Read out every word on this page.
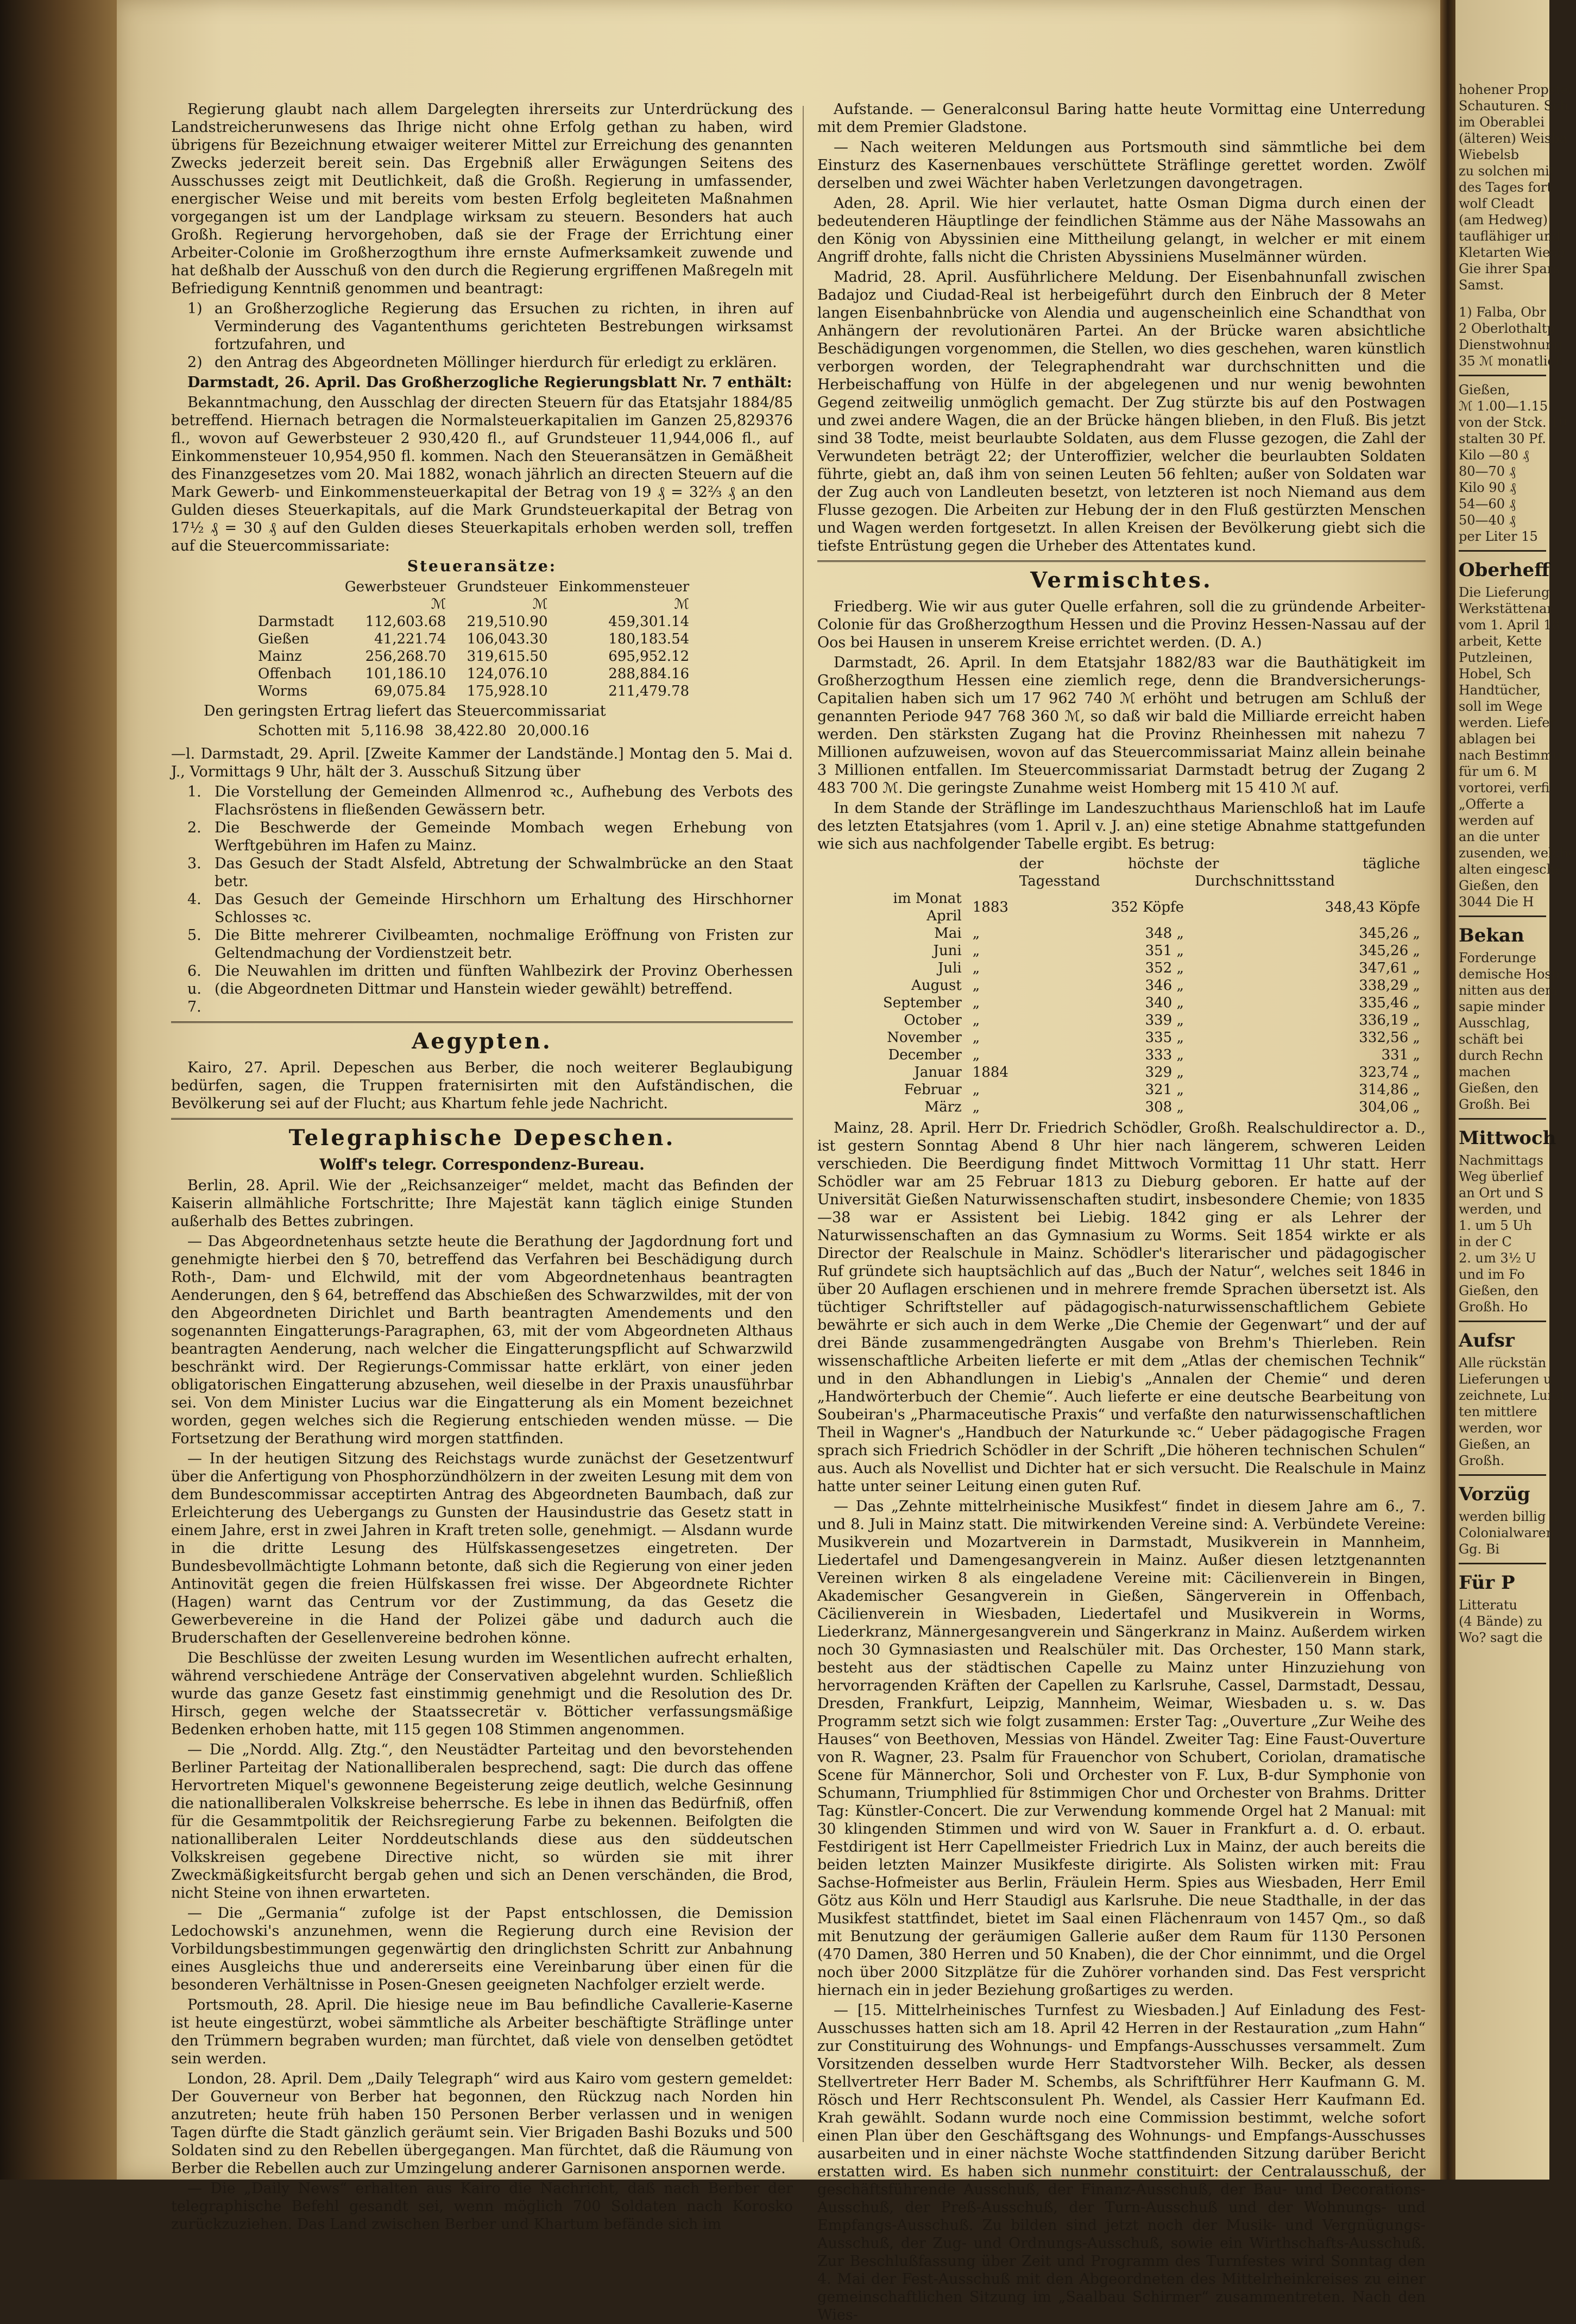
Regierung glaubt nach allem Dargelegten ihrerseits zur Unterdrückung des Landstreicherunwesens das Ihrige nicht ohne Erfolg gethan zu haben, wird übrigens für Bezeichnung etwaiger weiterer Mittel zur Erreichung des genannten Zwecks jederzeit bereit sein. Das Ergebniß aller Erwägungen Seitens des Ausschusses zeigt mit Deutlichkeit, daß die Großh. Regierung in umfassender, energischer Weise und mit bereits vom besten Erfolg begleiteten Maßnahmen vorgegangen ist um der Landplage wirksam zu steuern. Besonders hat auch Großh. Regierung hervorgehoben, daß sie der Frage der Errichtung einer Arbeiter-Colonie im Großherzogthum ihre ernste Aufmerksamkeit zuwende und hat deßhalb der Ausschuß von den durch die Regierung ergriffenen Maßregeln mit Befriedigung Kenntniß genommen und beantragt:

1) an Großherzogliche Regierung das Ersuchen zu richten, in ihren auf Verminderung des Vagantenthums gerichteten Bestrebungen wirksamst fortzufahren, und
2) den Antrag des Abgeordneten Möllinger hierdurch für erledigt zu erklären.

Darmstadt, 26. April. Das Großherzogliche Regierungsblatt Nr. 7 enthält:

Bekanntmachung, den Ausschlag der directen Steuern für das Etatsjahr 1884/85 betreffend. Hiernach betragen die Normalsteuerkapitalien im Ganzen 25,829376 fl., wovon auf Gewerbsteuer 2 930,420 fl., auf Grundsteuer 11,944,006 fl., auf Einkommensteuer 10,954,950 fl. kommen. Nach den Steueransätzen in Gemäßheit des Finanzgesetzes vom 20. Mai 1882, wonach jährlich an directen Steuern auf die Mark Gewerb- und Einkommensteuerkapital der Betrag von 19 ₰ = 32⅔ ₰ an den Gulden dieses Steuerkapitals, auf die Mark Grundsteuerkapital der Betrag von 17½ ₰ = 30 ₰ auf den Gulden dieses Steuerkapitals erhoben werden soll, treffen auf die Steuercommissariate:

Steueransätze:
	Gewerbsteuer	Grundsteuer	Einkommensteuer
	ℳ	ℳ	ℳ
Darmstadt	112,603.68	219,510.90	459,301.14
Gießen	41,221.74	106,043.30	180,183.54
Mainz	256,268.70	319,615.50	695,952.12
Offenbach	101,186.10	124,076.10	288,884.16
Worms	69,075.84	175,928.10	211,479.78

Den geringsten Ertrag liefert das Steuercommissariat

Schotten mit	5,116.98	38,422.80	20,000.16

—l. Darmstadt, 29. April. [Zweite Kammer der Landstände.] Montag den 5. Mai d. J., Vormittags 9 Uhr, hält der 3. Ausschuß Sitzung über

1. Die Vorstellung der Gemeinden Allmenrod ꝛc., Aufhebung des Verbots des Flachsröstens in fließenden Gewässern betr.
2. Die Beschwerde der Gemeinde Mombach wegen Erhebung von Werftgebühren im Hafen zu Mainz.
3. Das Gesuch der Stadt Alsfeld, Abtretung der Schwalmbrücke an den Staat betr.
4. Das Gesuch der Gemeinde Hirschhorn um Erhaltung des Hirschhorner Schlosses ꝛc.
5. Die Bitte mehrerer Civilbeamten, nochmalige Eröffnung von Fristen zur Geltendmachung der Vordienstzeit betr.
6. u. 7.
Die Neuwahlen im dritten und fünften Wahlbezirk der Provinz Oberhessen (die Abgeordneten Dittmar und Hanstein wieder gewählt) betreffend.
Aegypten.

Kairo, 27. April. Depeschen aus Berber, die noch weiterer Beglaubigung bedürfen, sagen, die Truppen fraternisirten mit den Aufständischen, die Bevölkerung sei auf der Flucht; aus Khartum fehle jede Nachricht.

Telegraphische Depeschen.
Wolff's telegr. Correspondenz-Bureau.

Berlin, 28. April. Wie der „Reichsanzeiger“ meldet, macht das Befinden der Kaiserin allmähliche Fortschritte; Ihre Majestät kann täglich einige Stunden außerhalb des Bettes zubringen.

— Das Abgeordnetenhaus setzte heute die Berathung der Jagdordnung fort und genehmigte hierbei den § 70, betreffend das Verfahren bei Beschädigung durch Roth-, Dam- und Elchwild, mit der vom Abgeordnetenhaus beantragten Aenderungen, den § 64, betreffend das Abschießen des Schwarzwildes, mit der von den Abgeordneten Dirichlet und Barth beantragten Amendements und den sogenannten Eingatterungs-Paragraphen, 63, mit der vom Abgeordneten Althaus beantragten Aenderung, nach welcher die Eingatterungspflicht auf Schwarzwild beschränkt wird. Der Regierungs-Commissar hatte erklärt, von einer jeden obligatorischen Eingatterung abzusehen, weil dieselbe in der Praxis unausführbar sei. Von dem Minister Lucius war die Eingatterung als ein Moment bezeichnet worden, gegen welches sich die Regierung entschieden wenden müsse. — Die Fortsetzung der Berathung wird morgen stattfinden.

— In der heutigen Sitzung des Reichstags wurde zunächst der Gesetzentwurf über die Anfertigung von Phosphorzündhölzern in der zweiten Lesung mit dem von dem Bundescommissar acceptirten Antrag des Abgeordneten Baumbach, daß zur Erleichterung des Uebergangs zu Gunsten der Hausindustrie das Gesetz statt in einem Jahre, erst in zwei Jahren in Kraft treten solle, genehmigt. — Alsdann wurde in die dritte Lesung des Hülfskassengesetzes eingetreten. Der Bundesbevollmächtigte Lohmann betonte, daß sich die Regierung von einer jeden Antinovität gegen die freien Hülfskassen frei wisse. Der Abgeordnete Richter (Hagen) warnt das Centrum vor der Zustimmung, da das Gesetz die Gewerbevereine in die Hand der Polizei gäbe und dadurch auch die Bruderschaften der Gesellenvereine bedrohen könne.

Die Beschlüsse der zweiten Lesung wurden im Wesentlichen aufrecht erhalten, während verschiedene Anträge der Conservativen abgelehnt wurden. Schließlich wurde das ganze Gesetz fast einstimmig genehmigt und die Resolution des Dr. Hirsch, gegen welche der Staatssecretär v. Bötticher verfassungsmäßige Bedenken erhoben hatte, mit 115 gegen 108 Stimmen angenommen.

— Die „Nordd. Allg. Ztg.“, den Neustädter Parteitag und den bevorstehenden Berliner Parteitag der Nationalliberalen besprechend, sagt: Die durch das offene Hervortreten Miquel's gewonnene Begeisterung zeige deutlich, welche Gesinnung die nationalliberalen Volkskreise beherrsche. Es lebe in ihnen das Bedürfniß, offen für die Gesammtpolitik der Reichsregierung Farbe zu bekennen. Beifolgten die nationalliberalen Leiter Norddeutschlands diese aus den süddeutschen Volkskreisen gegebene Directive nicht, so würden sie mit ihrer Zweckmäßigkeitsfurcht bergab gehen und sich an Denen verschänden, die Brod, nicht Steine von ihnen erwarteten.

— Die „Germania“ zufolge ist der Papst entschlossen, die Demission Ledochowski's anzunehmen, wenn die Regierung durch eine Revision der Vorbildungsbestimmungen gegenwärtig den dringlichsten Schritt zur Anbahnung eines Ausgleichs thue und andererseits eine Vereinbarung über einen für die besonderen Verhältnisse in Posen-Gnesen geeigneten Nachfolger erzielt werde.

Portsmouth, 28. April. Die hiesige neue im Bau befindliche Cavallerie-Kaserne ist heute eingestürzt, wobei sämmtliche als Arbeiter beschäftigte Sträflinge unter den Trümmern begraben wurden; man fürchtet, daß viele von denselben getödtet sein werden.

London, 28. April. Dem „Daily Telegraph“ wird aus Kairo vom gestern gemeldet: Der Gouverneur von Berber hat begonnen, den Rückzug nach Norden hin anzutreten; heute früh haben 150 Personen Berber verlassen und in wenigen Tagen dürfte die Stadt gänzlich geräumt sein. Vier Brigaden Bashi Bozuks und 500 Soldaten sind zu den Rebellen übergegangen. Man fürchtet, daß die Räumung von Berber die Rebellen auch zur Umzingelung anderer Garnisonen anspornen werde.

— Die „Daily News“ erhalten aus Kairo die Nachricht, daß nach Berber der telegraphische Befehl gesandt sei, wenn möglich 700 Soldaten nach Korosko zurückzuziehen. Das Land zwischen Berber und Khartum befände sich im

Aufstande. — Generalconsul Baring hatte heute Vormittag eine Unterredung mit dem Premier Gladstone.

— Nach weiteren Meldungen aus Portsmouth sind sämmtliche bei dem Einsturz des Kasernenbaues verschüttete Sträflinge gerettet worden. Zwölf derselben und zwei Wächter haben Verletzungen davongetragen.

Aden, 28. April. Wie hier verlautet, hatte Osman Digma durch einen der bedeutenderen Häuptlinge der feindlichen Stämme aus der Nähe Massowahs an den König von Abyssinien eine Mittheilung gelangt, in welcher er mit einem Angriff drohte, falls nicht die Christen Abyssiniens Muselmänner würden.

Madrid, 28. April. Ausführlichere Meldung. Der Eisenbahnunfall zwischen Badajoz und Ciudad-Real ist herbeigeführt durch den Einbruch der 8 Meter langen Eisenbahnbrücke von Alendia und augenscheinlich eine Schandthat von Anhängern der revolutionären Partei. An der Brücke waren absichtliche Beschädigungen vorgenommen, die Stellen, wo dies geschehen, waren künstlich verborgen worden, der Telegraphendraht war durchschnitten und die Herbeischaffung von Hülfe in der abgelegenen und nur wenig bewohnten Gegend zeitweilig unmöglich gemacht. Der Zug stürzte bis auf den Postwagen und zwei andere Wagen, die an der Brücke hängen blieben, in den Fluß. Bis jetzt sind 38 Todte, meist beurlaubte Soldaten, aus dem Flusse gezogen, die Zahl der Verwundeten beträgt 22; der Unteroffizier, welcher die beurlaubten Soldaten führte, giebt an, daß ihm von seinen Leuten 56 fehlten; außer von Soldaten war der Zug auch von Landleuten besetzt, von letzteren ist noch Niemand aus dem Flusse gezogen. Die Arbeiten zur Hebung der in den Fluß gestürzten Menschen und Wagen werden fortgesetzt. In allen Kreisen der Bevölkerung giebt sich die tiefste Entrüstung gegen die Urheber des Attentates kund.

Vermischtes.

Friedberg. Wie wir aus guter Quelle erfahren, soll die zu gründende Arbeiter-Colonie für das Großherzogthum Hessen und die Provinz Hessen-Nassau auf der Oos bei Hausen in unserem Kreise errichtet werden. (D. A.)

Darmstadt, 26. April. In dem Etatsjahr 1882/83 war die Bauthätigkeit im Großherzogthum Hessen eine ziemlich rege, denn die Brandversicherungs-Capitalien haben sich um 17 962 740 ℳ erhöht und betrugen am Schluß der genannten Periode 947 768 360 ℳ, so daß wir bald die Milliarde erreicht haben werden. Den stärksten Zugang hat die Provinz Rheinhessen mit nahezu 7 Millionen aufzuweisen, wovon auf das Steuercommissariat Mainz allein beinahe 3 Millionen entfallen. Im Steuercommissariat Darmstadt betrug der Zugang 2 483 700 ℳ. Die geringste Zunahme weist Homberg mit 15 410 ℳ auf.

In dem Stande der Sträflinge im Landeszuchthaus Marienschloß hat im Laufe des letzten Etatsjahres (vom 1. April v. J. an) eine stetige Abnahme stattgefunden wie sich aus nachfolgender Tabelle ergibt. Es betrug:

		der höchste Tagesstand	der tägliche Durchschnittsstand
im Monat April	1883	352 Köpfe	348,43 Köpfe
Mai	„	348 „	345,26 „
Juni	„	351 „	345,26 „
Juli	„	352 „	347,61 „
August	„	346 „	338,29 „
September	„	340 „	335,46 „
October	„	339 „	336,19 „
November	„	335 „	332,56 „
December	„	333 „	331 „
Januar	1884	329 „	323,74 „
Februar	„	321 „	314,86 „
März	„	308 „	304,06 „

Mainz, 28. April. Herr Dr. Friedrich Schödler, Großh. Realschuldirector a. D., ist gestern Sonntag Abend 8 Uhr hier nach längerem, schweren Leiden verschieden. Die Beerdigung findet Mittwoch Vormittag 11 Uhr statt. Herr Schödler war am 25 Februar 1813 zu Dieburg geboren. Er hatte auf der Universität Gießen Naturwissenschaften studirt, insbesondere Chemie; von 1835—38 war er Assistent bei Liebig. 1842 ging er als Lehrer der Naturwissenschaften an das Gymnasium zu Worms. Seit 1854 wirkte er als Director der Realschule in Mainz. Schödler's literarischer und pädagogischer Ruf gründete sich hauptsächlich auf das „Buch der Natur“, welches seit 1846 in über 20 Auflagen erschienen und in mehrere fremde Sprachen übersetzt ist. Als tüchtiger Schriftsteller auf pädagogisch-naturwissenschaftlichem Gebiete bewährte er sich auch in dem Werke „Die Chemie der Gegenwart“ und der auf drei Bände zusammengedrängten Ausgabe von Brehm's Thierleben. Rein wissenschaftliche Arbeiten lieferte er mit dem „Atlas der chemischen Technik“ und in den Abhandlungen in Liebig's „Annalen der Chemie“ und deren „Handwörterbuch der Chemie“. Auch lieferte er eine deutsche Bearbeitung von Soubeiran's „Pharmaceutische Praxis“ und verfaßte den naturwissenschaftlichen Theil in Wagner's „Handbuch der Naturkunde ꝛc.“ Ueber pädagogische Fragen sprach sich Friedrich Schödler in der Schrift „Die höheren technischen Schulen“ aus. Auch als Novellist und Dichter hat er sich versucht. Die Realschule in Mainz hatte unter seiner Leitung einen guten Ruf.

— Das „Zehnte mittelrheinische Musikfest“ findet in diesem Jahre am 6., 7. und 8. Juli in Mainz statt. Die mitwirkenden Vereine sind: A. Verbündete Vereine: Musikverein und Mozartverein in Darmstadt, Musikverein in Mannheim, Liedertafel und Damengesangverein in Mainz. Außer diesen letztgenannten Vereinen wirken 8 als eingeladene Vereine mit: Cäcilienverein in Bingen, Akademischer Gesangverein in Gießen, Sängerverein in Offenbach, Cäcilienverein in Wiesbaden, Liedertafel und Musikverein in Worms, Liederkranz, Männergesangverein und Sängerkranz in Mainz. Außerdem wirken noch 30 Gymnasiasten und Realschüler mit. Das Orchester, 150 Mann stark, besteht aus der städtischen Capelle zu Mainz unter Hinzuziehung von hervorragenden Kräften der Capellen zu Karlsruhe, Cassel, Darmstadt, Dessau, Dresden, Frankfurt, Leipzig, Mannheim, Weimar, Wiesbaden u. s. w. Das Programm setzt sich wie folgt zusammen: Erster Tag: „Ouverture „Zur Weihe des Hauses“ von Beethoven, Messias von Händel. Zweiter Tag: Eine Faust-Ouverture von R. Wagner, 23. Psalm für Frauenchor von Schubert, Coriolan, dramatische Scene für Männerchor, Soli und Orchester von F. Lux, B-dur Symphonie von Schumann, Triumphlied für 8stimmigen Chor und Orchester von Brahms. Dritter Tag: Künstler-Concert. Die zur Verwendung kommende Orgel hat 2 Manual: mit 30 klingenden Stimmen und wird von W. Sauer in Frankfurt a. d. O. erbaut. Festdirigent ist Herr Capellmeister Friedrich Lux in Mainz, der auch bereits die beiden letzten Mainzer Musikfeste dirigirte. Als Solisten wirken mit: Frau Sachse-Hofmeister aus Berlin, Fräulein Herm. Spies aus Wiesbaden, Herr Emil Götz aus Köln und Herr Staudigl aus Karlsruhe. Die neue Stadthalle, in der das Musikfest stattfindet, bietet im Saal einen Flächenraum von 1457 Qm., so daß mit Benutzung der geräumigen Gallerie außer dem Raum für 1130 Personen (470 Damen, 380 Herren und 50 Knaben), die der Chor einnimmt, und die Orgel noch über 2000 Sitzplätze für die Zuhörer vorhanden sind. Das Fest verspricht hiernach ein in jeder Beziehung großartiges zu werden.

— [15. Mittelrheinisches Turnfest zu Wiesbaden.] Auf Einladung des Fest-Ausschusses hatten sich am 18. April 42 Herren in der Restauration „zum Hahn“ zur Constituirung des Wohnungs- und Empfangs-Ausschusses versammelt. Zum Vorsitzenden desselben wurde Herr Stadtvorsteher Wilh. Becker, als dessen Stellvertreter Herr Bader M. Schembs, als Schriftführer Herr Kaufmann G. M. Rösch und Herr Rechtsconsulent Ph. Wendel, als Cassier Herr Kaufmann Ed. Krah gewählt. Sodann wurde noch eine Commission bestimmt, welche sofort einen Plan über den Geschäftsgang des Wohnungs- und Empfangs-Ausschusses ausarbeiten und in einer nächste Woche stattfindenden Sitzung darüber Bericht erstatten wird. Es haben sich nunmehr constituirt: der Centralausschuß, der geschäftsführende Ausschuß, der Finanz-Ausschuß, der Bau- und Decorations-Ausschuß, der Preß-Ausschuß, der Turn-Ausschuß und der Wohnungs- und Empfangs-Ausschuß. Zu bilden sind jetzt noch der Musik- und Vergnügungs-Ausschuß, der Zug- und Ordnungs-Ausschuß, sowie ein Wirthschafts-Ausschuß. Zur Beschlußfassung über Zeit und Programm des Turnfestes wird Sonntag den 4. Mai der Fest-Ausschuß mit den Abgeordneten des Mittelrheinkreises zu einer gemeinschaftlichen Sitzung im „Saalbau Schirmer“ zusammentreten. Nach den Wies-

hohener Propstei
Schauturen. Sch
im Oberablei
(älteren) Weisba
Wiebelsb
zu solchen mit
des Tages fort
wolf Cleadt
(am Hedweg)
tauflähiger und
Kletarten Wiesb
Gie ihrer Spars
Samst.
1) Falba, Obr
2 Oberlothaltp
Dienstwohnung
35 ℳ monatlich
Gießen,
ℳ 1.00—1.15
von der Stck. 10
stalten 30 Pf.
Kilo —80 ₰
80—70 ₰
Kilo 90 ₰
54—60 ₰
50—40 ₰
per Liter 15
Oberheff
Die Lieferung
Werkstättenar
vom 1. April 18
arbeit, Kette
Putzleinen,
Hobel, Sch
Handtücher,
soll im Wege
werden. Liefer
ablagen bei
nach Bestimmu
für um 6. M
vortorei, verfi
„Offerte a
werden auf
an die unter
zusenden, welche
alten eingesche
Gießen, den
3044 Die H
Bekan
Forderunge
demische Hosp
nitten aus dem
sapie minder
Ausschlag,
schäft bei
durch Rechn
machen
Gießen, den
Großh. Bei
Mittwoch
Nachmittags
Weg überlief
an Ort und S
werden, und
1. um 5 Uh
in der C
2. um 3½ U
und im Fo
Gießen, den
Großh. Ho
Aufsr
Alle rückstän
Lieferungen u
zeichnete, Lund
ten mittlere
werden, wor
Gießen, an
Großh.
Vorzüg
werden billig a
Colonialwaren
Gg. Bi
Für P
Litteratu
(4 Bände) zu
Wo? sagt die
